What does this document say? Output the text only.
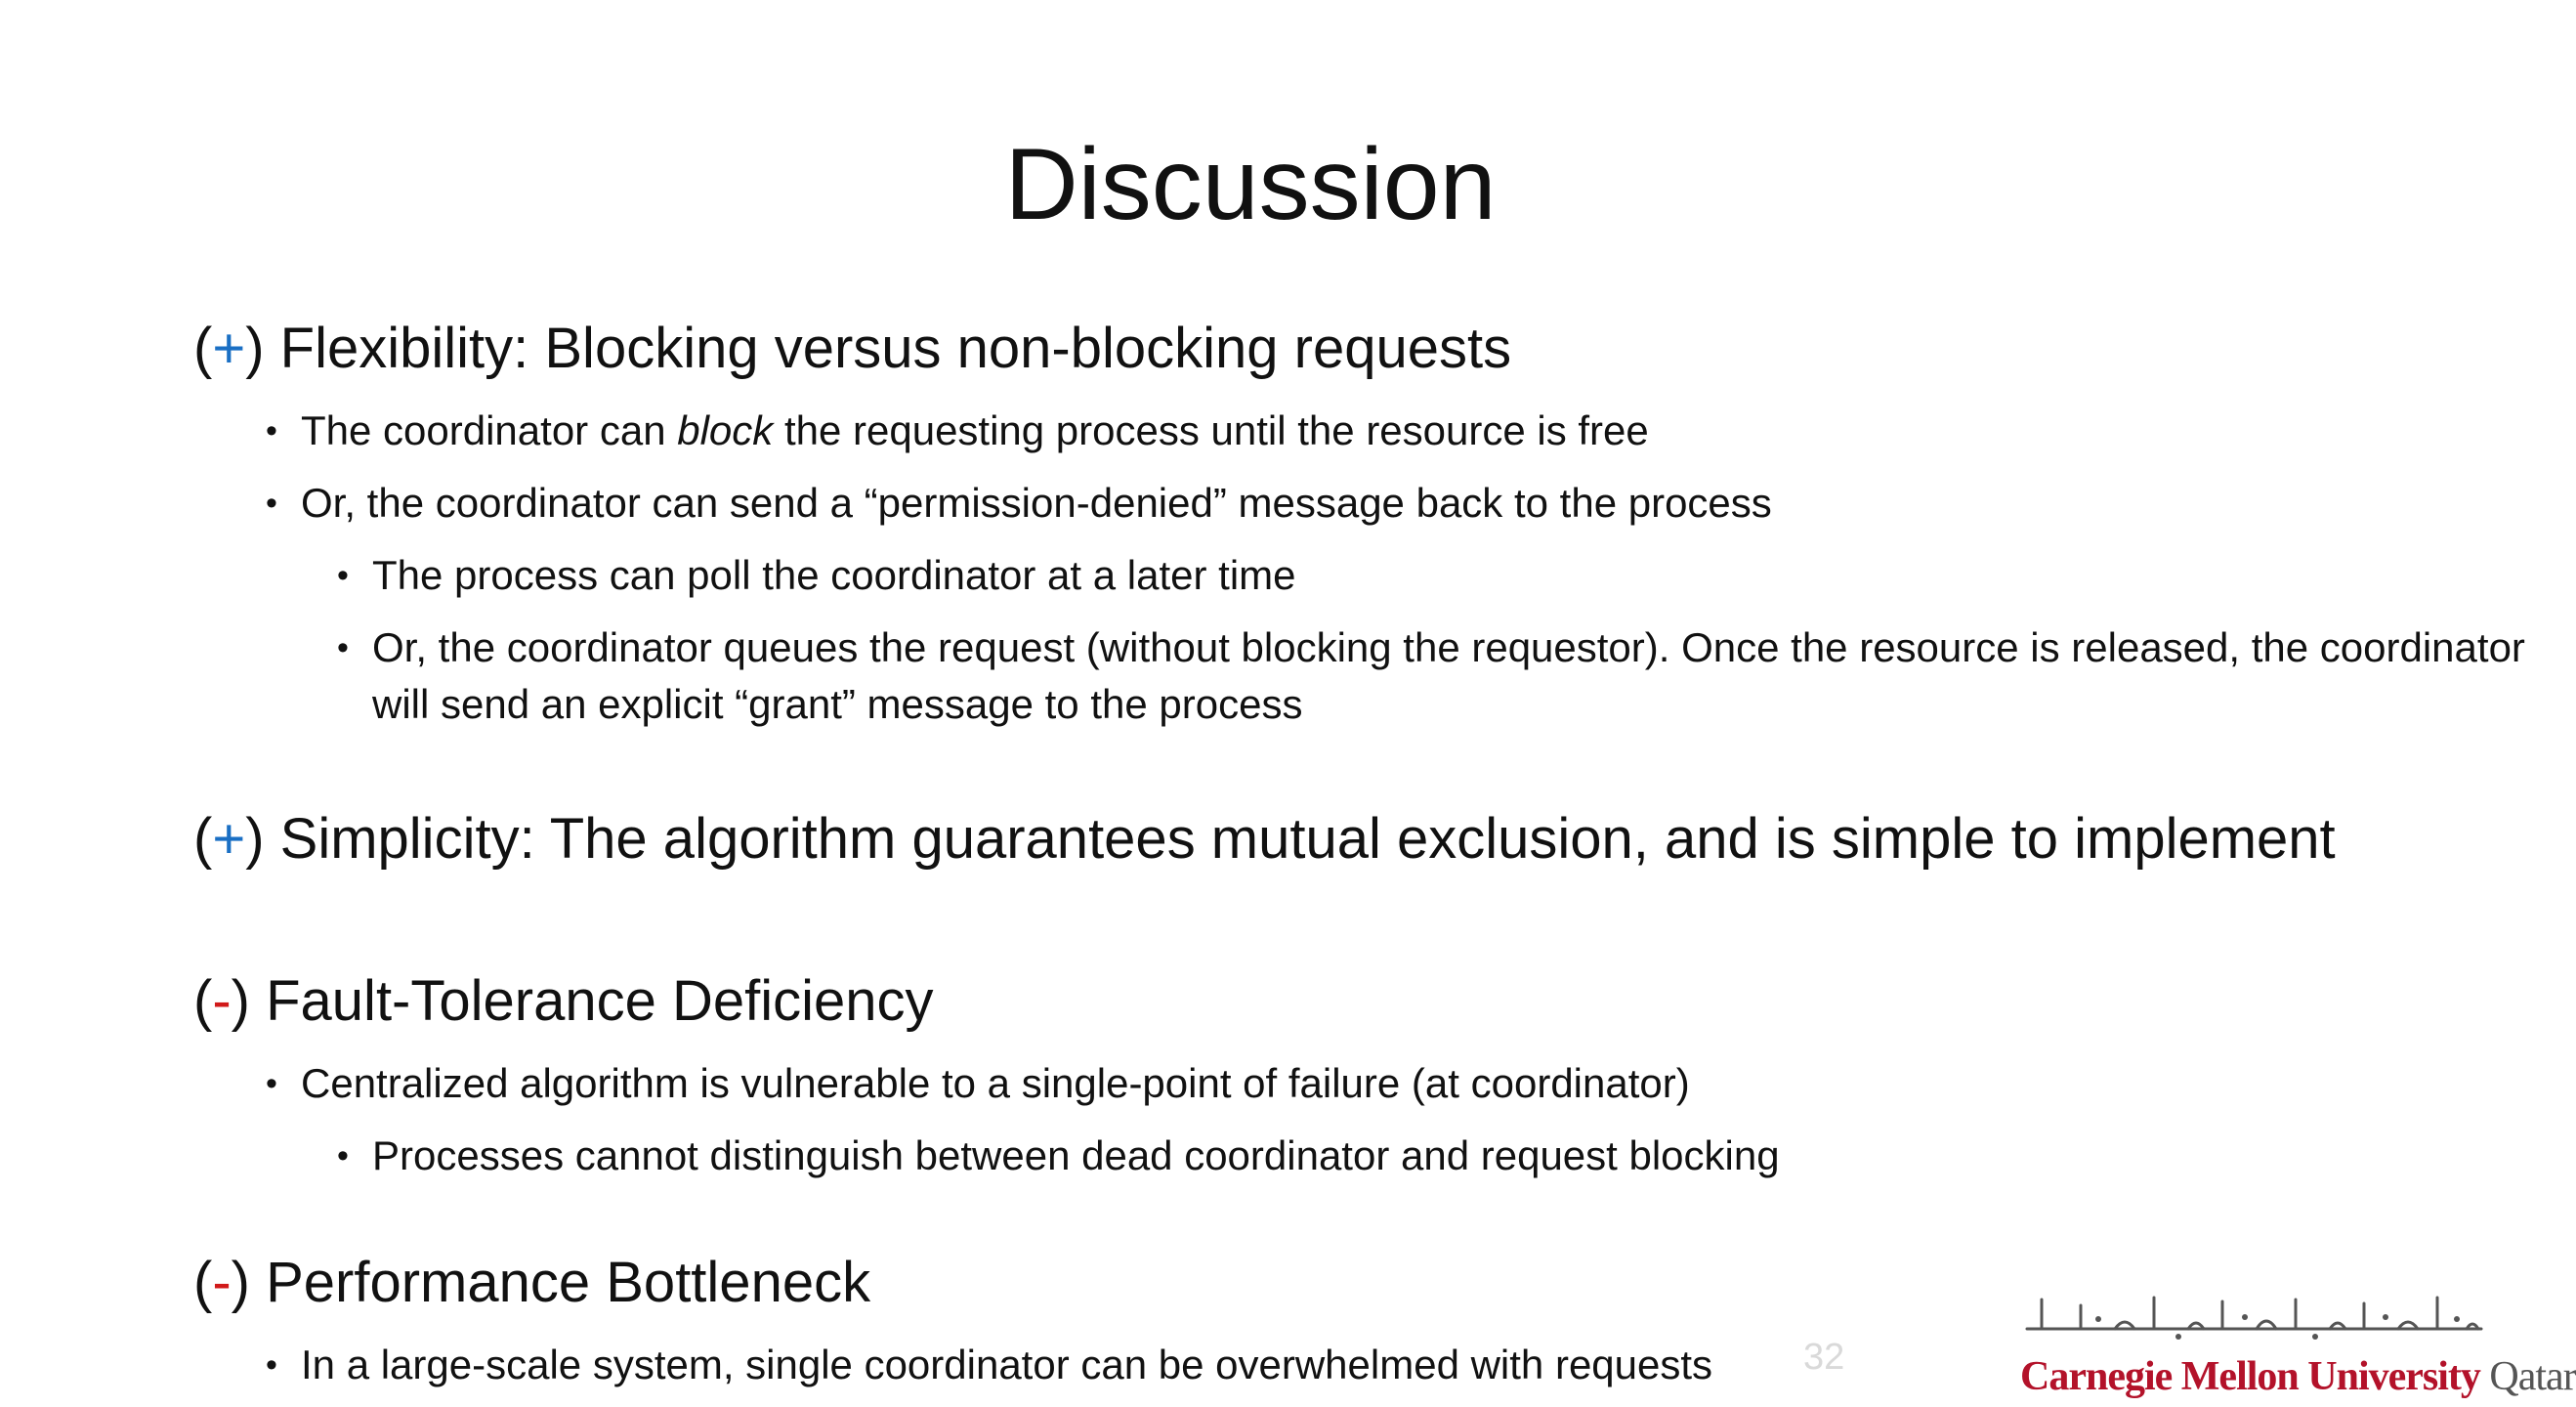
Discussion

(+) Flexibility: Blocking versus non-blocking requests

• The coordinator can block the requesting process until the resource is free

• Or, the coordinator can send a “permission-denied” message back to the process

• The process can poll the coordinator at a later time

• Or, the coordinator queues the request (without blocking the requestor). Once the resource is released, the coordinator will send an explicit “grant” message to the process

(+) Simplicity: The algorithm guarantees mutual exclusion, and is simple to implement

(-) Fault-Tolerance Deficiency

• Centralized algorithm is vulnerable to a single-point of failure (at coordinator)

• Processes cannot distinguish between dead coordinator and request blocking

(-) Performance Bottleneck

• In a large-scale system, single coordinator can be overwhelmed with requests	32	Carnegie Mellon University Qatar
